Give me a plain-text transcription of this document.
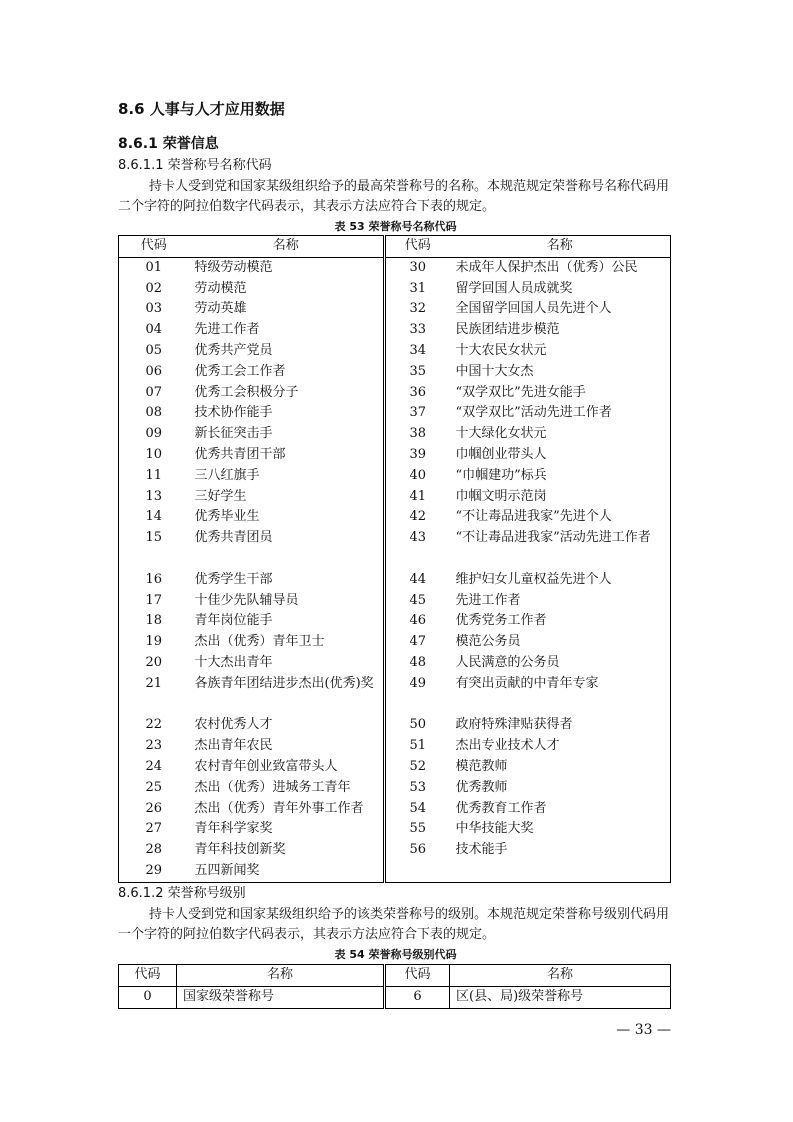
8.6 人事与人才应用数据
8.6.1 荣誉信息
8.6.1.1 荣誉称号名称代码
持卡人受到党和国家某级组织给予的最高荣誉称号的名称。本规范规定荣誉称号名称代码用二个字符的阿拉伯数字代码表示，其表示方法应符合下表的规定。
表 53 荣誉称号名称代码
代码	名称	代码	名称
01	特级劳动模范	30	未成年人保护杰出（优秀）公民
02	劳动模范	31	留学回国人员成就奖
03	劳动英雄	32	全国留学回国人员先进个人
04	先进工作者	33	民族团结进步模范
05	优秀共产党员	34	十大农民女状元
06	优秀工会工作者	35	中国十大女杰
07	优秀工会积极分子	36	“双学双比”先进女能手
08	技术协作能手	37	“双学双比”活动先进工作者
09	新长征突击手	38	十大绿化女状元
10	优秀共青团干部	39	巾帼创业带头人
11	三八红旗手	40	“巾帼建功”标兵
13	三好学生	41	巾帼文明示范岗
14	优秀毕业生	42	“不让毒品进我家”先进个人
15	优秀共青团员	43	“不让毒品进我家”活动先进工作者
16	优秀学生干部	44	维护妇女儿童权益先进个人
17	十佳少先队辅导员	45	先进工作者
18	青年岗位能手	46	优秀党务工作者
19	杰出（优秀）青年卫士	47	模范公务员
20	十大杰出青年	48	人民满意的公务员
21	各族青年团结进步杰出(优秀)奖	49	有突出贡献的中青年专家
22	农村优秀人才	50	政府特殊津贴获得者
23	杰出青年农民	51	杰出专业技术人才
24	农村青年创业致富带头人	52	模范教师
25	杰出（优秀）进城务工青年	53	优秀教师
26	杰出（优秀）青年外事工作者	54	优秀教育工作者
27	青年科学家奖	55	中华技能大奖
28	青年科技创新奖	56	技术能手
29	五四新闻奖		
8.6.1.2 荣誉称号级别
持卡人受到党和国家某级组织给予的该类荣誉称号的级别。本规范规定荣誉称号级别代码用一个字符的阿拉伯数字代码表示，其表示方法应符合下表的规定。
表 54 荣誉称号级别代码
代码	名称	代码	名称
0	国家级荣誉称号	6	区(县、局)级荣誉称号
— 33 —
